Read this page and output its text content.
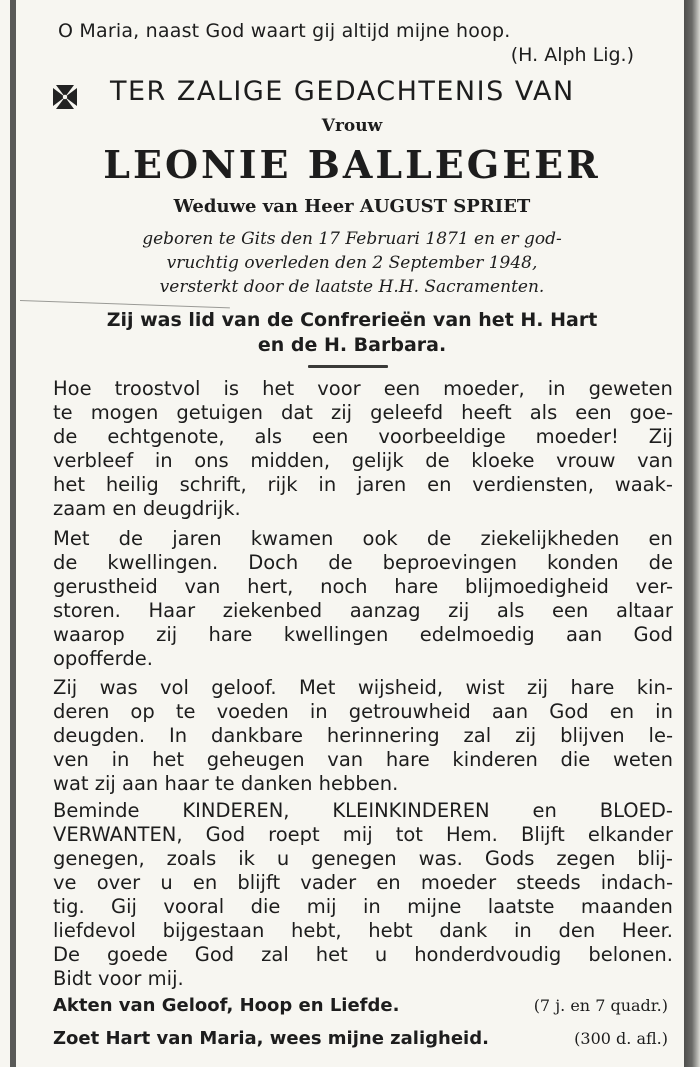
O Maria, naast God waart gij altijd mijne hoop.
(H. Alph Lig.)
TER ZALIGE GEDACHTENIS VAN
Vrouw
LEONIE BALLEGEER
Weduwe van Heer AUGUST SPRIET
geboren te Gits den 17 Februari 1871 en er god-
vruchtig overleden den 2 September 1948,
versterkt door de laatste H.H. Sacramenten.
Zij was lid van de Confrerieën van het H. Hart
en de H. Barbara.
Hoe troostvol is het voor een moeder, in geweten
te mogen getuigen dat zij geleefd heeft als een goe-
de echtgenote, als een voorbeeldige moeder! Zij
verbleef in ons midden, gelijk de kloeke vrouw van
het heilig schrift, rijk in jaren en verdiensten, waak-
zaam en deugdrijk.
Met de jaren kwamen ook de ziekelijkheden en
de kwellingen. Doch de beproevingen konden de
gerustheid van hert, noch hare blijmoedigheid ver-
storen. Haar ziekenbed aanzag zij als een altaar
waarop zij hare kwellingen edelmoedig aan God
opofferde.
Zij was vol geloof. Met wijsheid, wist zij hare kin-
deren op te voeden in getrouwheid aan God en in
deugden. In dankbare herinnering zal zij blijven le-
ven in het geheugen van hare kinderen die weten
wat zij aan haar te danken hebben.
Beminde KINDEREN, KLEINKINDEREN en BLOED-
VERWANTEN, God roept mij tot Hem. Blijft elkander
genegen, zoals ik u genegen was. Gods zegen blij-
ve over u en blijft vader en moeder steeds indach-
tig. Gij vooral die mij in mijne laatste maanden
liefdevol bijgestaan hebt, hebt dank in den Heer.
De goede God zal het u honderdvoudig belonen.
Bidt voor mij.
Akten van Geloof, Hoop en Liefde.	(7 j. en 7 quadr.)
Zoet Hart van Maria, wees mijne zaligheid.	(300 d. afl.)
